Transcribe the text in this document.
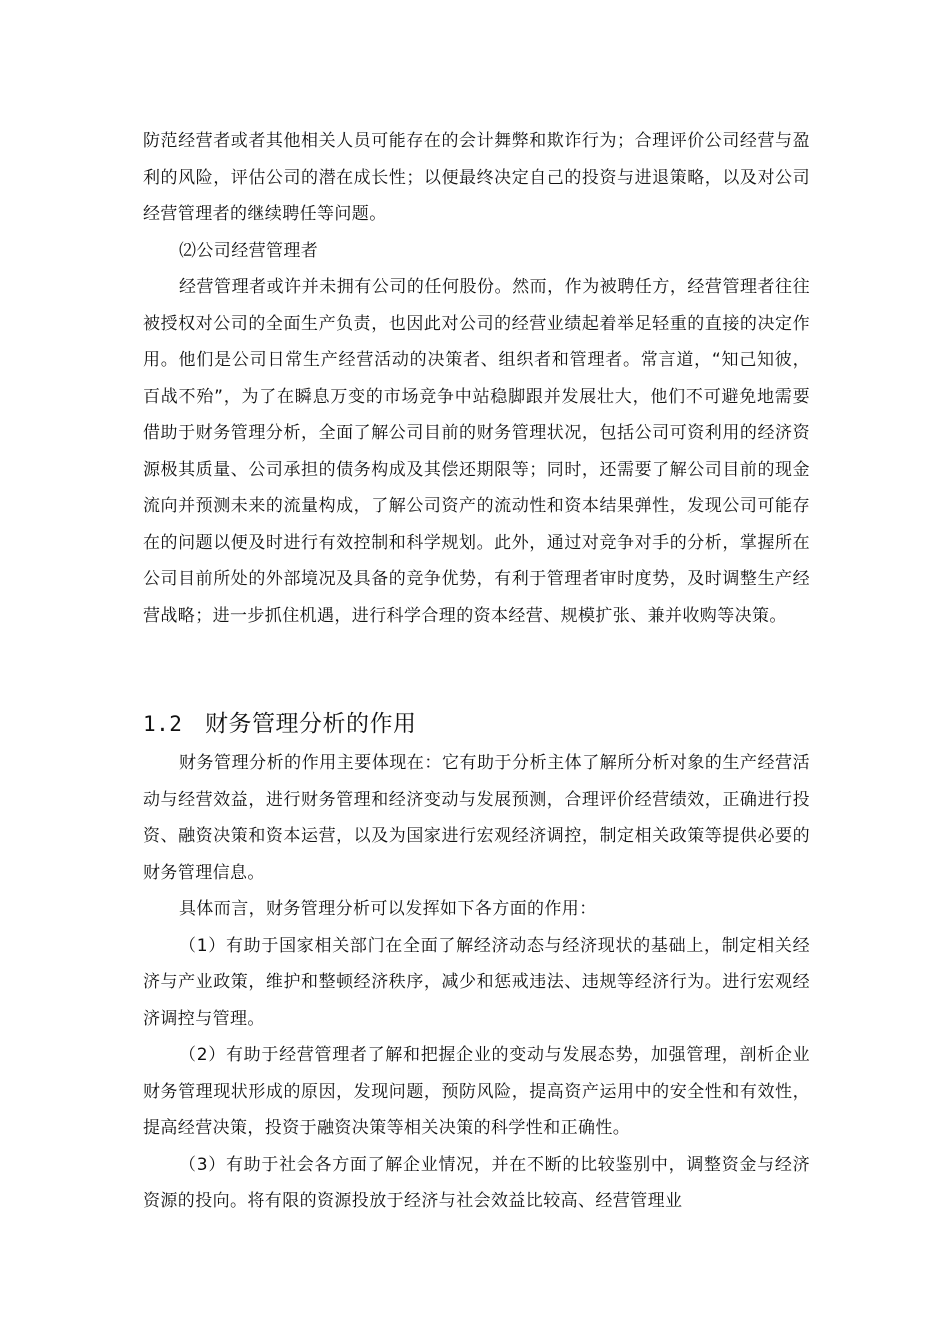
防范经营者或者其他相关人员可能存在的会计舞弊和欺诈行为；合理评价公司经营与盈利的风险，评估公司的潜在成长性；以便最终决定自己的投资与进退策略，以及对公司经营管理者的继续聘任等问题。

⑵公司经营管理者

经营管理者或许并未拥有公司的任何股份。然而，作为被聘任方，经营管理者往往被授权对公司的全面生产负责，也因此对公司的经营业绩起着举足轻重的直接的决定作用。他们是公司日常生产经营活动的决策者、组织者和管理者。常言道，“知己知彼，百战不殆”，为了在瞬息万变的市场竞争中站稳脚跟并发展壮大，他们不可避免地需要借助于财务管理分析，全面了解公司目前的财务管理状况，包括公司可资利用的经济资源极其质量、公司承担的债务构成及其偿还期限等；同时，还需要了解公司目前的现金流向并预测未来的流量构成，了解公司资产的流动性和资本结果弹性，发现公司可能存在的问题以便及时进行有效控制和科学规划。此外，通过对竞争对手的分析，掌握所在公司目前所处的外部境况及具备的竞争优势，有利于管理者审时度势，及时调整生产经营战略；进一步抓住机遇，进行科学合理的资本经营、规模扩张、兼并收购等决策。

1.2 财务管理分析的作用

财务管理分析的作用主要体现在：它有助于分析主体了解所分析对象的生产经营活动与经营效益，进行财务管理和经济变动与发展预测，合理评价经营绩效，正确进行投资、融资决策和资本运营，以及为国家进行宏观经济调控，制定相关政策等提供必要的财务管理信息。

具体而言，财务管理分析可以发挥如下各方面的作用：

（1）有助于国家相关部门在全面了解经济动态与经济现状的基础上，制定相关经济与产业政策，维护和整顿经济秩序，减少和惩戒违法、违规等经济行为。进行宏观经济调控与管理。

（2）有助于经营管理者了解和把握企业的变动与发展态势，加强管理，剖析企业财务管理现状形成的原因，发现问题，预防风险，提高资产运用中的安全性和有效性，提高经营决策，投资于融资决策等相关决策的科学性和正确性。

（3）有助于社会各方面了解企业情况，并在不断的比较鉴别中，调整资金与经济资源的投向。将有限的资源投放于经济与社会效益比较高、经营管理业
